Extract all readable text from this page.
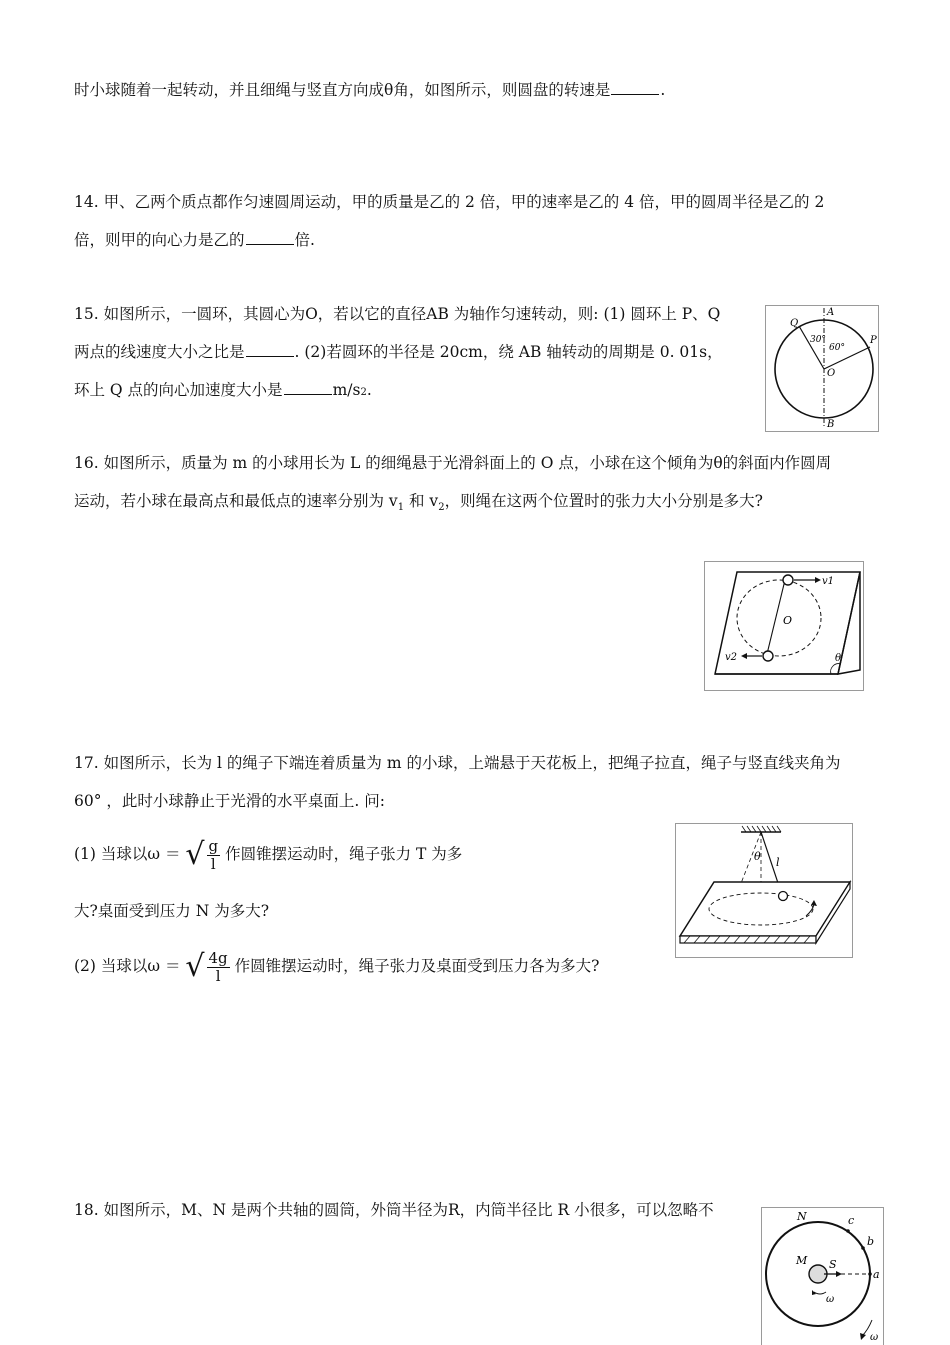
时小球随着一起转动，并且细绳与竖直方向成θ角，如图所示，则圆盘的转速是	.
14. 甲、乙两个质点都作匀速圆周运动，甲的质量是乙的 2 倍，甲的速率是乙的 4 倍，甲的圆周半径是乙的 2
倍，则甲的向心力是乙的	倍.
15. 如图所示，一圆环，其圆心为O，若以它的直径AB 为轴作匀速转动，则: (1) 圆环上 P、Q
两点的线速度大小之比是	. (2)若圆环的半径是 20cm，绕 AB 轴转动的周期是 0. 01s，
环上 Q 点的向心加速度大小是	m/s2.
Q
A
30°
60°
P
O
B
16. 如图所示，质量为 m 的小球用长为 L 的细绳悬于光滑斜面上的 O 点，小球在这个倾角为θ的斜面内作圆周
运动，若小球在最高点和最低点的速率分别为 $v_1$ 和 $v_2$，则绳在这两个位置时的张力大小分别是多大?
v1
O
v2	θ
17. 如图所示，长为 l 的绳子下端连着质量为 m 的小球，上端悬于天花板上，把绳子拉直，绳子与竖直线夹角为
60° ，此时小球静止于光滑的水平桌面上. 问:
(1) 当球以ω ＝ √ $\frac{g}{l}$ 作圆锥摆运动时，绳子张力 T 为多
大?桌面受到压力 N 为多大?
(2) 当球以ω ＝ √ $\frac{4g}{l}$ 作圆锥摆运动时，绳子张力及桌面受到压力各为多大?
θ l
18. 如图所示，M、N 是两个共轴的圆筒，外筒半径为R，内筒半径比 R 小很多，可以忽略不	N	c
b
M S
a
ω
ω
